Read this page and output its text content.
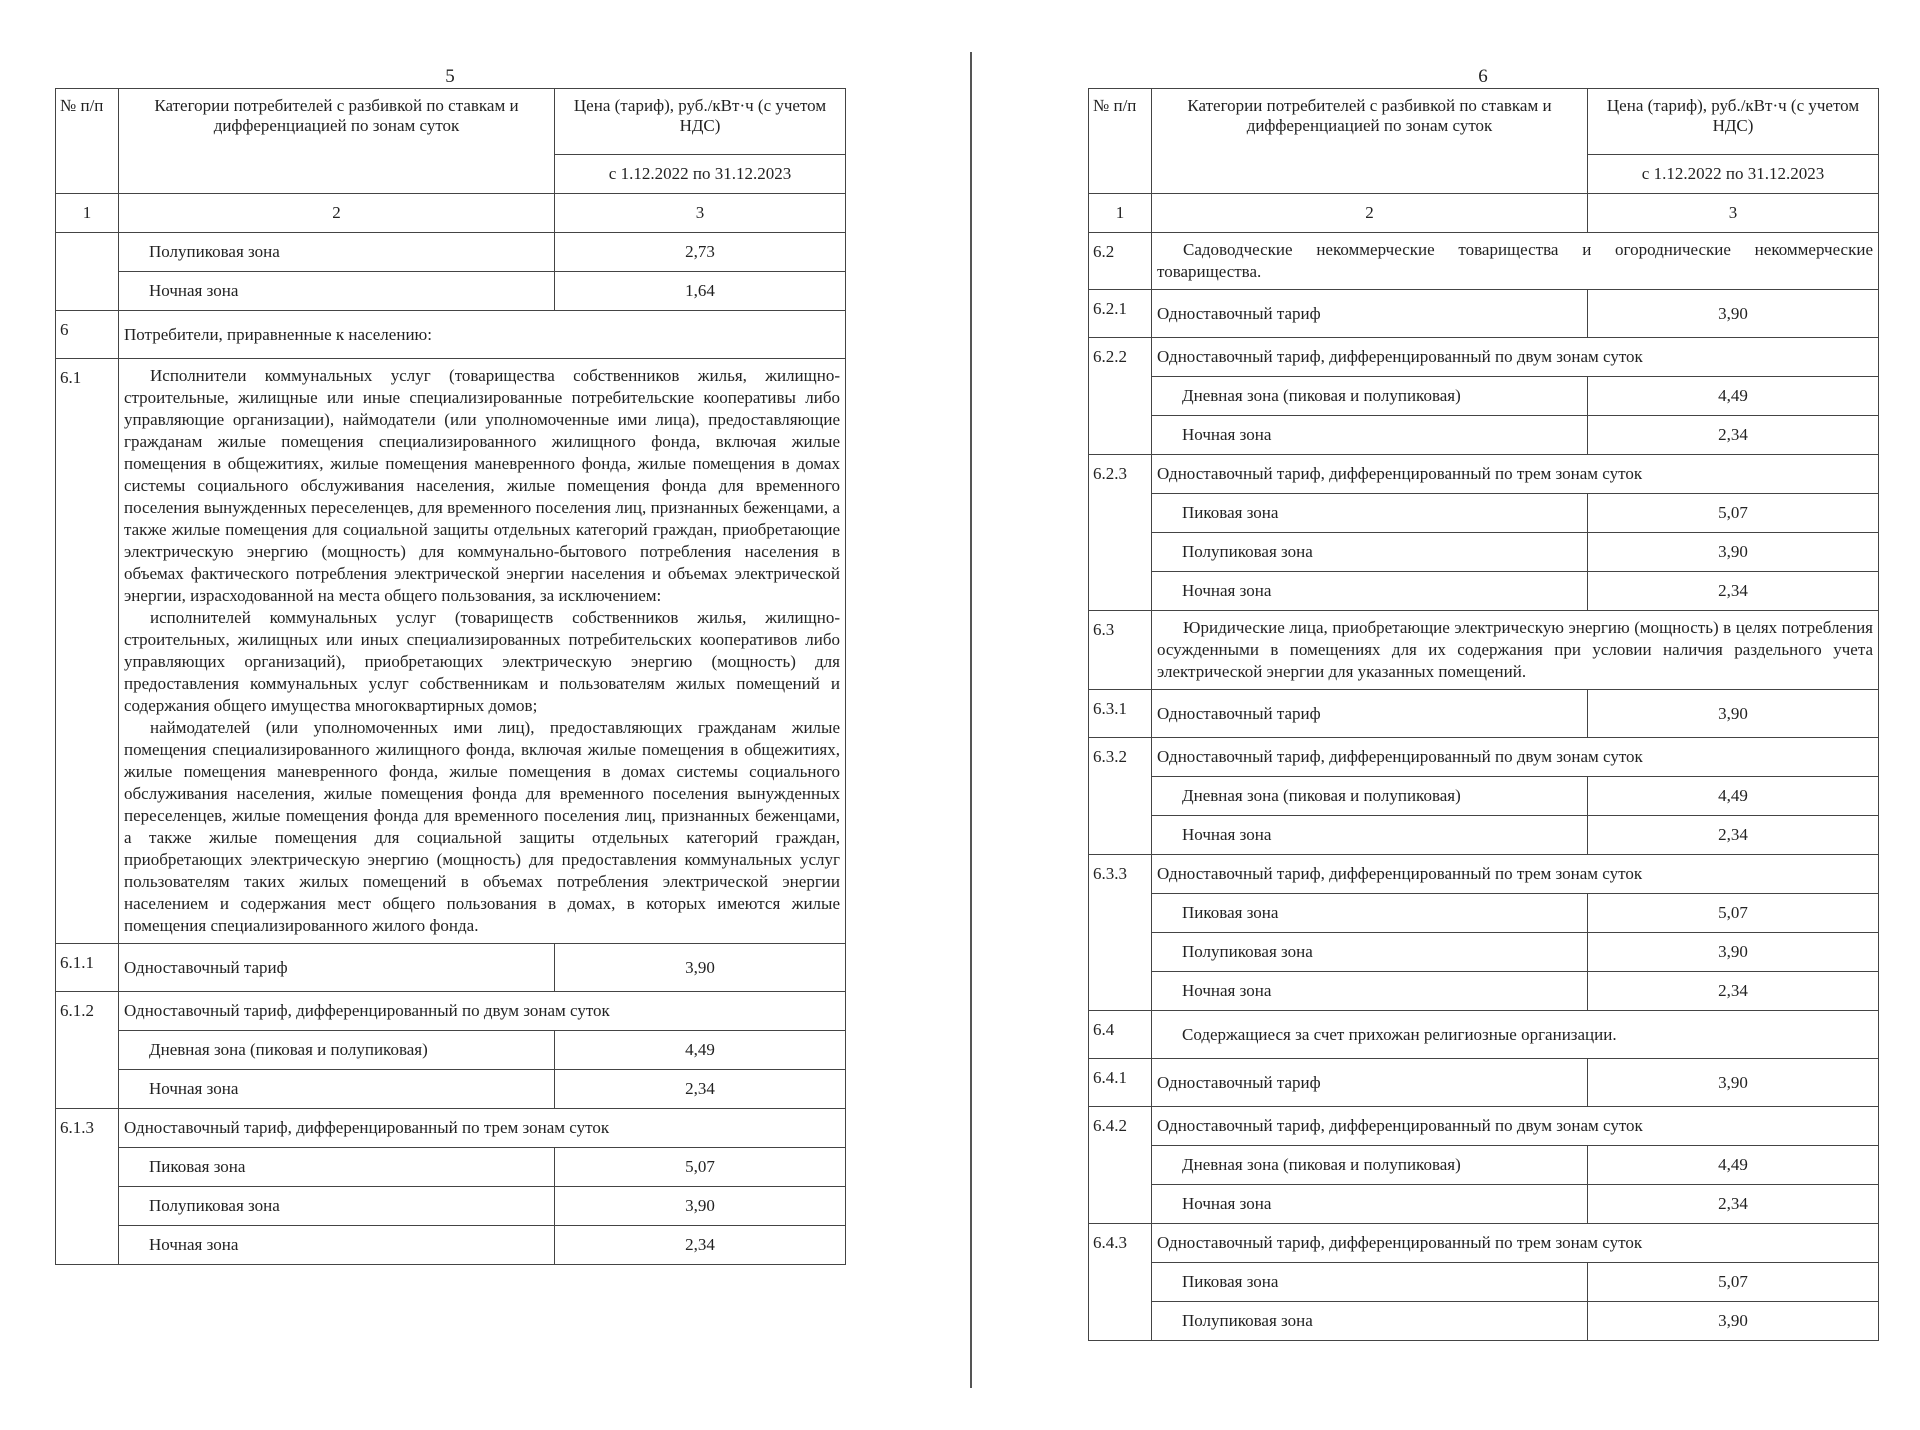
5
№ п/п	Категории потребителей с разбивкой по ставкам и дифференциацией по зонам суток	Цена (тариф), руб./кВт·ч (с учетом НДС)
		с 1.12.2022 по 31.12.2023
1	2	3
	Полупиковая зона	2,73
	Ночная зона	1,64
6	Потребители, приравненные к населению:	
6.1	Исполнители коммунальных услуг (товарищества собственников жилья, жилищно-строительные, жилищные или иные специализированные потребительские кооперативы либо управляющие организации), наймодатели (или уполномоченные ими лица), предоставляющие гражданам жилые помещения специализированного жилищного фонда, включая жилые помещения в общежитиях, жилые помещения маневренного фонда, жилые помещения в домах системы социального обслуживания населения, жилые помещения фонда для временного поселения вынужденных переселенцев, для временного поселения лиц, признанных беженцами, а также жилые помещения для социальной защиты отдельных категорий граждан, приобретающие электрическую энергию (мощность) для коммунально-бытового потребления населения в объемах фактического потребления электрической энергии населения и объемах электрической энергии, израсходованной на места общего пользования, за исключением:

исполнителей коммунальных услуг (товариществ собственников жилья, жилищно-строительных, жилищных или иных специализированных потребительских кооперативов либо управляющих организаций), приобретающих электрическую энергию (мощность) для предоставления коммунальных услуг собственникам и пользователям жилых помещений и содержания общего имущества многоквартирных домов;

наймодателей (или уполномоченных ими лиц), предоставляющих гражданам жилые помещения специализированного жилищного фонда, включая жилые помещения в общежитиях, жилые помещения маневренного фонда, жилые помещения в домах системы социального обслуживания населения, жилые помещения фонда для временного поселения вынужденных переселенцев, жилые помещения фонда для временного поселения лиц, признанных беженцами, а также жилые помещения для социальной защиты отдельных категорий граждан, приобретающих электрическую энергию (мощность) для предоставления коммунальных услуг пользователям таких жилых помещений в объемах потребления электрической энергии населением и содержания мест общего пользования в домах, в которых имеются жилые помещения специализированного жилого фонда.	

6.1.1	Одноставочный тариф	3,90
6.1.2	Одноставочный тариф, дифференцированный по двум зонам суток	
	Дневная зона (пиковая и полупиковая)	4,49
	Ночная зона	2,34
6.1.3	Одноставочный тариф, дифференцированный по трем зонам суток	
	Пиковая зона	5,07
	Полупиковая зона	3,90
	Ночная зона	2,34
6
№ п/п	Категории потребителей с разбивкой по ставкам и дифференциацией по зонам суток	Цена (тариф), руб./кВт·ч (с учетом НДС)
		с 1.12.2022 по 31.12.2023
1	2	3
6.2	Садоводческие некоммерческие товарищества и огороднические некоммерческие товарищества.	

6.2.1	Одноставочный тариф	3,90
6.2.2	Одноставочный тариф, дифференцированный по двум зонам суток	
	Дневная зона (пиковая и полупиковая)	4,49
	Ночная зона	2,34
6.2.3	Одноставочный тариф, дифференцированный по трем зонам суток	
	Пиковая зона	5,07
	Полупиковая зона	3,90
	Ночная зона	2,34
6.3	Юридические лица, приобретающие электрическую энергию (мощность) в целях потребления осужденными в помещениях для их содержания при условии наличия раздельного учета электрической энергии для указанных помещений.	

6.3.1	Одноставочный тариф	3,90
6.3.2	Одноставочный тариф, дифференцированный по двум зонам суток	
	Дневная зона (пиковая и полупиковая)	4,49
	Ночная зона	2,34
6.3.3	Одноставочный тариф, дифференцированный по трем зонам суток	
	Пиковая зона	5,07
	Полупиковая зона	3,90
	Ночная зона	2,34
6.4	Содержащиеся за счет прихожан религиозные организации.	
6.4.1	Одноставочный тариф	3,90
6.4.2	Одноставочный тариф, дифференцированный по двум зонам суток	
	Дневная зона (пиковая и полупиковая)	4,49
	Ночная зона	2,34
6.4.3	Одноставочный тариф, дифференцированный по трем зонам суток	
	Пиковая зона	5,07
	Полупиковая зона	3,90
